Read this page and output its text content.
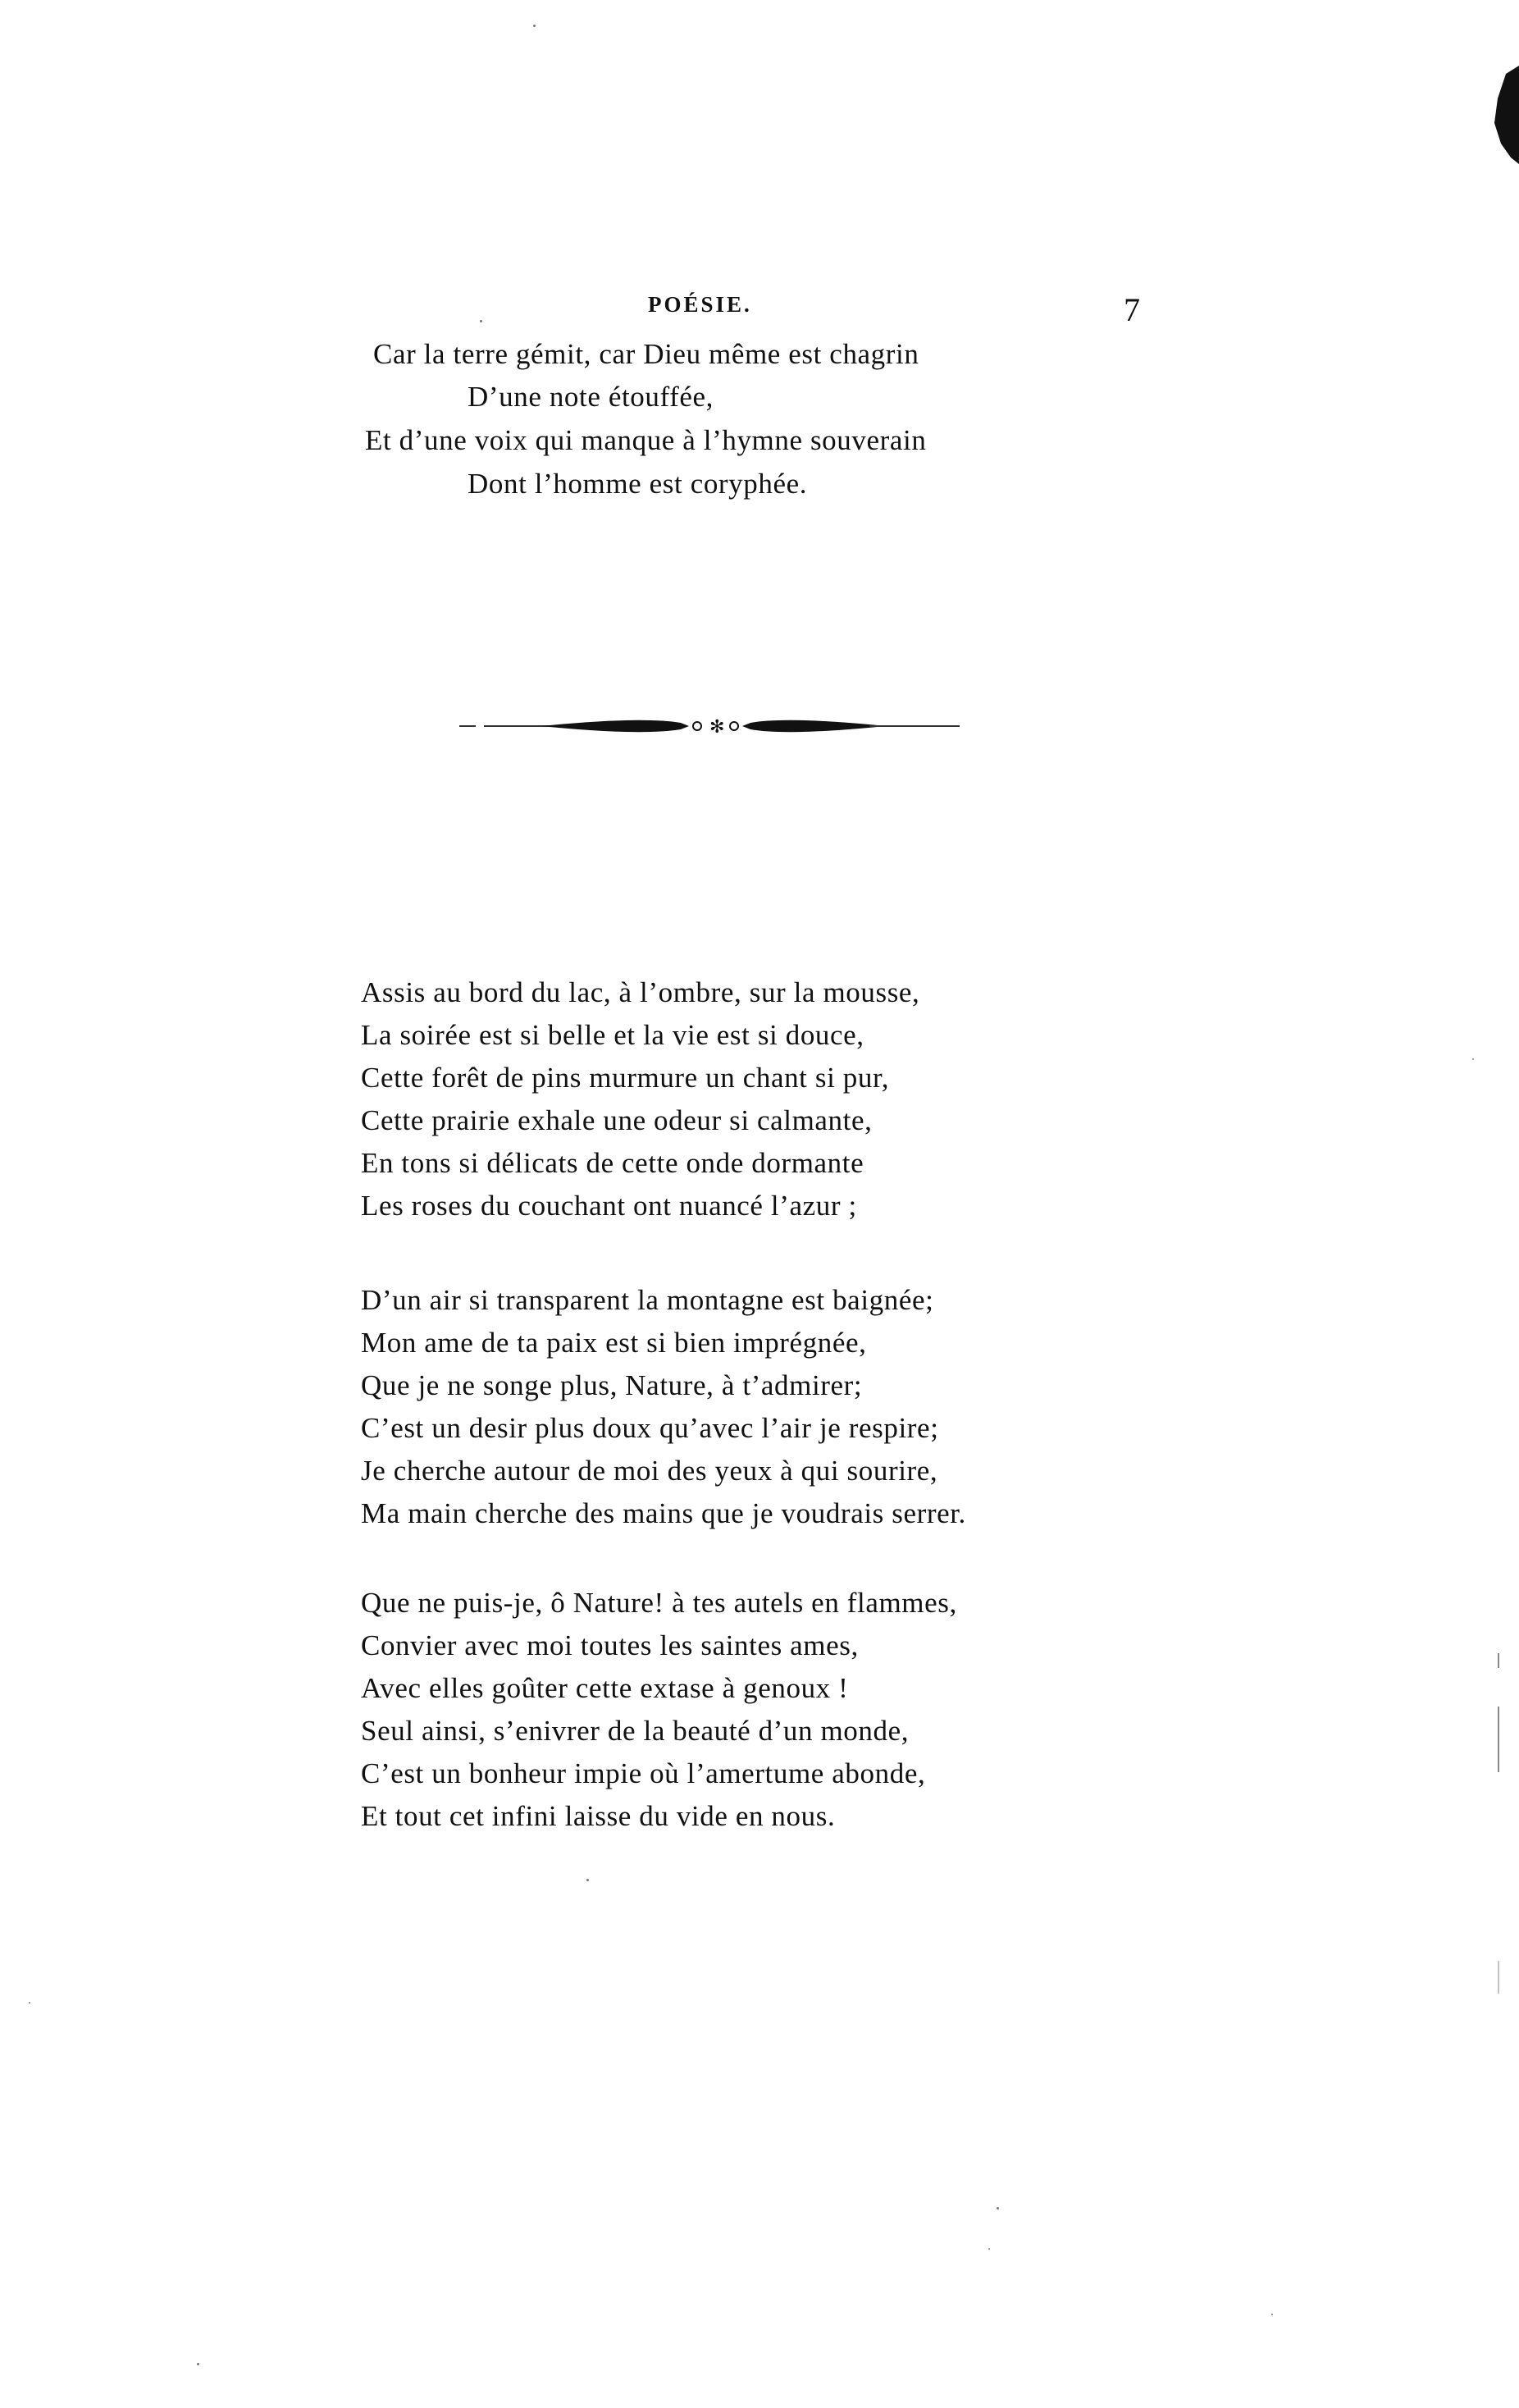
POÉSIE.	7
Car la terre gémit, car Dieu même est chagrin
D’une note étouffée,
Et d’une voix qui manque à l’hymne souverain
Dont l’homme est coryphée.
✻
Assis au bord du lac, à l’ombre, sur la mousse,
La soirée est si belle et la vie est si douce,
Cette forêt de pins murmure un chant si pur,
Cette prairie exhale une odeur si calmante,
En tons si délicats de cette onde dormante
Les roses du couchant ont nuancé l’azur ;
D’un air si transparent la montagne est baignée;
Mon ame de ta paix est si bien imprégnée,
Que je ne songe plus, Nature, à t’admirer;
C’est un desir plus doux qu’avec l’air je respire;
Je cherche autour de moi des yeux à qui sourire,
Ma main cherche des mains que je voudrais serrer.
Que ne puis-je, ô Nature! à tes autels en flammes,
Convier avec moi toutes les saintes ames,
Avec elles goûter cette extase à genoux !
Seul ainsi, s’enivrer de la beauté d’un monde,
C’est un bonheur impie où l’amertume abonde,
Et tout cet infini laisse du vide en nous.
